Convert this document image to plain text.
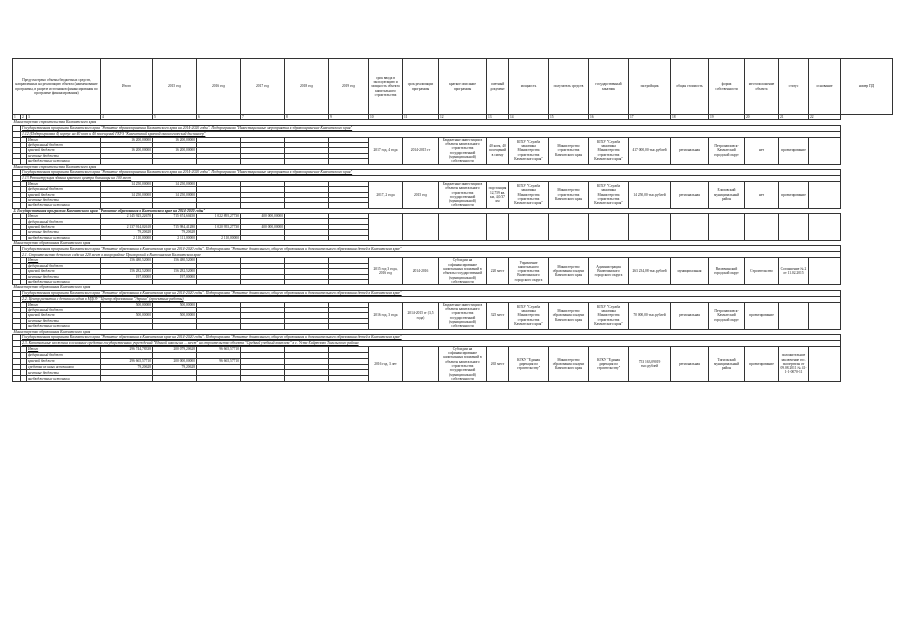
Предусмотрено объемы бюджетных средств, направленных на реализацию объекта (наименование программы, в разрезе источников финансирования по программе финансирования)			Итого	2015 год	2016 год	2017 год	2018 год	2019 год	срок ввода в эксплуатацию и мощность объекта капитального строительства	срок реализации программы	краткое описание программы	сметный документ	мощность	получатель средств	государственный заказчик	застройщик	общая стоимость	форма собственности	местоположение объекта	статус	основание	номер ПД
1	2	3	4	5	6	7	8	9	10	11	12	13	14	15	16	17	18	19	20	21	22	
Министерство строительства Камчатского края																						
	Государственная программа Камчатского края "Развитие здравоохранения Камчатского края на 2014-2020 годы". Подпрограмма "Инвестиционные мероприятия в здравоохранение Камчатского края"																					
	1.12 (Подпрограмма 4) корпус на 40 коек и 40 посещений ГБУЗ "Камчатский краевой онкологический диспансер"																					
		Итого	16 200,00000	16 200,00000					2017 год, 4 года	2014-2015 гг	Бюджетные инвестиции в объекты капитального строительства государственной (муниципальной) собственности	40 коек, 40 посещений в смену	КГБУ "Служба заказчика Министерства строительства Камчатского края"	Министерство строительства Камчатского края	КГБУ "Служба заказчика Министерства строительства Камчатского края"	417 000,00 тыс.рублей	региональная	Петропавловск-Камчатский городской округ	нет	проектирование		
		федеральный бюджет																				
		краевой бюджет	16 200,00000	16 200,00000																		
		местные бюджеты																				
		внебюджетные источники																				
Министерство строительства Камчатского края																						
	Государственная программа Камчатского края "Развитие здравоохранения Камчатского края на 2014-2020 годы". Подпрограмма "Инвестиционные мероприятия в здравоохранение Камчатского края"																					
	1.13 Реконструкция здания краевого центра больницы на 100 мест																					
		Итого	14 250,00000	14 250,00000					2017, 2 года	2015 год	Бюджетные инвестиции в объекты капитального строительства государственной (муниципальной) собственности	подстанция 12,759 кв. км, 4,0/37 км	КГБУ "Служба заказчика Министерства строительства Камчатского края"	Министерство строительства Камчатского края	КГБУ "Служба заказчика Министерства строительства Камчатского края"	14 250,00 тыс.рублей	региональная	Елизовский муниципальный район	нет	проектирование		
		федеральный бюджет																				
		краевой бюджет	14 250,00000	14 250,00000																		
		местные бюджеты																				
		внебюджетные источники																				
2. Государственная программа Камчатского края "Развитие образования в Камчатском крае на 2014-2020 годы"																						
		Итого	2 145 925,22678	715 674,60450	1 022 895,27730	400 000,00000																
		федеральный бюджет																				
		краевой бюджет	2 137 914,02618	715 984,41280	1 020 955,27730	400 000,00000																
		местные бюджеты	79,20628	79,20628																		
		внебюджетные источники	2 110,00000	2 111,00000	2 110,00000																	
Министерство образования Камчатского края																						
	Государственная программа Камчатского края "Развитие образования в Камчатском крае на 2014-2020 годы". Подпрограмма "Развитие дошкольного, общего образования и дополнительного образования детей в Камчатском крае"																					
	2.1. Строительство детского сада на 220 мест в микрорайоне Приморский в Вилючинском Камчатском крае																					
		Итого	156 480,52000	156 480,52000					2015 год 3 года, 2016 год	2014-2016	Субсидии на софинансирование капитальных вложений в объекты государственной (муниципальной) собственности	220 мест	Управление капитального строительства Вилючинского городского округа	Министерство образования и науки Камчатского края	Администрация Вилючинского городского округа	263 234,08 тыс.рублей	муниципальная	Вилючинский городской округ	Строительство	Соглашение № 2 от 11.02.2015		
		федеральный бюджет																				
		краевой бюджет	156 282,52000	156 282,52000																		
		местные бюджеты	197,00000	197,00000																		
		внебюджетные источники																				
Министерство образования Камчатского края																						
	Государственная программа Камчатского края "Развитие образования в Камчатском крае на 2014-2020 годы". Подпрограмма "Развитие дошкольного, общего образования и дополнительного образования детей в Камчатском крае"																					
	2.2. Центр развития с детским садом в МДОУ "Центр образования "Эврика" (проектные работы)																					
		Итого	500,00000	500,00000					2016 год, 3 года	2014-2015 гг (3,5 года)	Бюджетные инвестиции в объекты капитального строительства государственной (муниципальной) собственности	325 мест	КГБУ "Служба заказчика Министерства строительства Камчатского края"	Министерство образования и науки Камчатского края	КГБУ "Служба заказчика Министерства строительства Камчатского края"	70 000,00 тыс.рублей	региональная	Петропавловск-Камчатский городской округ	проектирование			
		федеральный бюджет																				
		краевой бюджет	500,00000	500,00000																		
		местные бюджеты																				
		внебюджетные источники																				
Министерство образования Камчатского края																						
	Государственная программа Камчатского края "Развитие образования в Камчатском крае на 2014-2020 годы". Подпрограмма "Развитие дошкольного, общего образования и дополнительного образования детей в Камчатском крае"																					
	2.3. Капитальные вложения в основные средства государственных учреждений "Единой школы на ... мест" на строительство объекта "Средний учебный комплекс" в с. Усть-Хайрюзово Тигильского района																					
		Итого	296 744,78338	200 079,20628	96 665,57710				2016 год, 3 лет		Субсидии на софинансирование капитальных вложений в объекты капитального строительства государственной (муниципальной) собственности	265 мест	КГКУ "Единая дирекция по строительству"	Министерство образования и науки Камчатского края	КГКУ "Единая дирекция по строительству"	753 163,09019 тыс.рублей	региональная	Тигильский муниципальный район	проектирование	положительное заключение гос. экспертизы от 09.08.2011 № 41-1-1-0070-11		
		федеральный бюджет																				
		краевой бюджет	296 665,57710	200 000,00000	96 665,57710																	
		средства из иных источников	79,20628	79,20628																		
		местные бюджеты																				
		внебюджетные источники																				
